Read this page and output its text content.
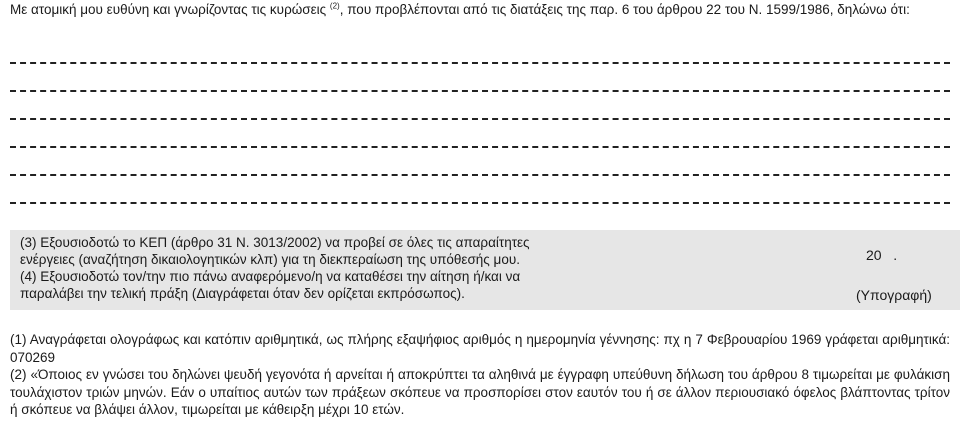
Με ατομική μου ευθύνη και γνωρίζοντας τις κυρώσεις $^{(2)}$, που προβλέπονται από τις διατάξεις της παρ. 6 του άρθρου 22 του Ν. 1599/1986, δηλώνω ότι:

(3) Εξουσιοδοτώ το ΚΕΠ (άρθρο 31 Ν. 3013/2002) να προβεί σε όλες τις απαραίτητες ενέργειες (αναζήτηση δικαιολογητικών κλπ) για τη διεκπεραίωση της υπόθεσής μου.

(4) Εξουσιοδοτώ τον/την πιο πάνω αναφερόμενο/η να καταθέσει την αίτηση ή/και να παραλάβει την τελική πράξη (Διαγράφεται όταν δεν ορίζεται εκπρόσωπος).

20   .

(Υπογραφή)

(1) Αναγράφεται ολογράφως και κατόπιν αριθμητικά, ως πλήρης εξαψήφιος αριθμός η ημερομηνία γέννησης: πχ η 7 Φεβρουαρίου 1969 γράφεται αριθμητικά: 070269

(2) «Όποιος εν γνώσει του δηλώνει ψευδή γεγονότα ή αρνείται ή αποκρύπτει τα αληθινά με έγγραφη υπεύθυνη δήλωση του άρθρου 8 τιμωρείται με φυλάκιση τουλάχιστον τριών μηνών. Εάν ο υπαίτιος αυτών των πράξεων σκόπευε να προσπορίσει στον εαυτόν του ή σε άλλον περιουσιακό όφελος βλάπτοντας τρίτον ή σκόπευε να βλάψει άλλον, τιμωρείται με κάθειρξη μέχρι 10 ετών.
